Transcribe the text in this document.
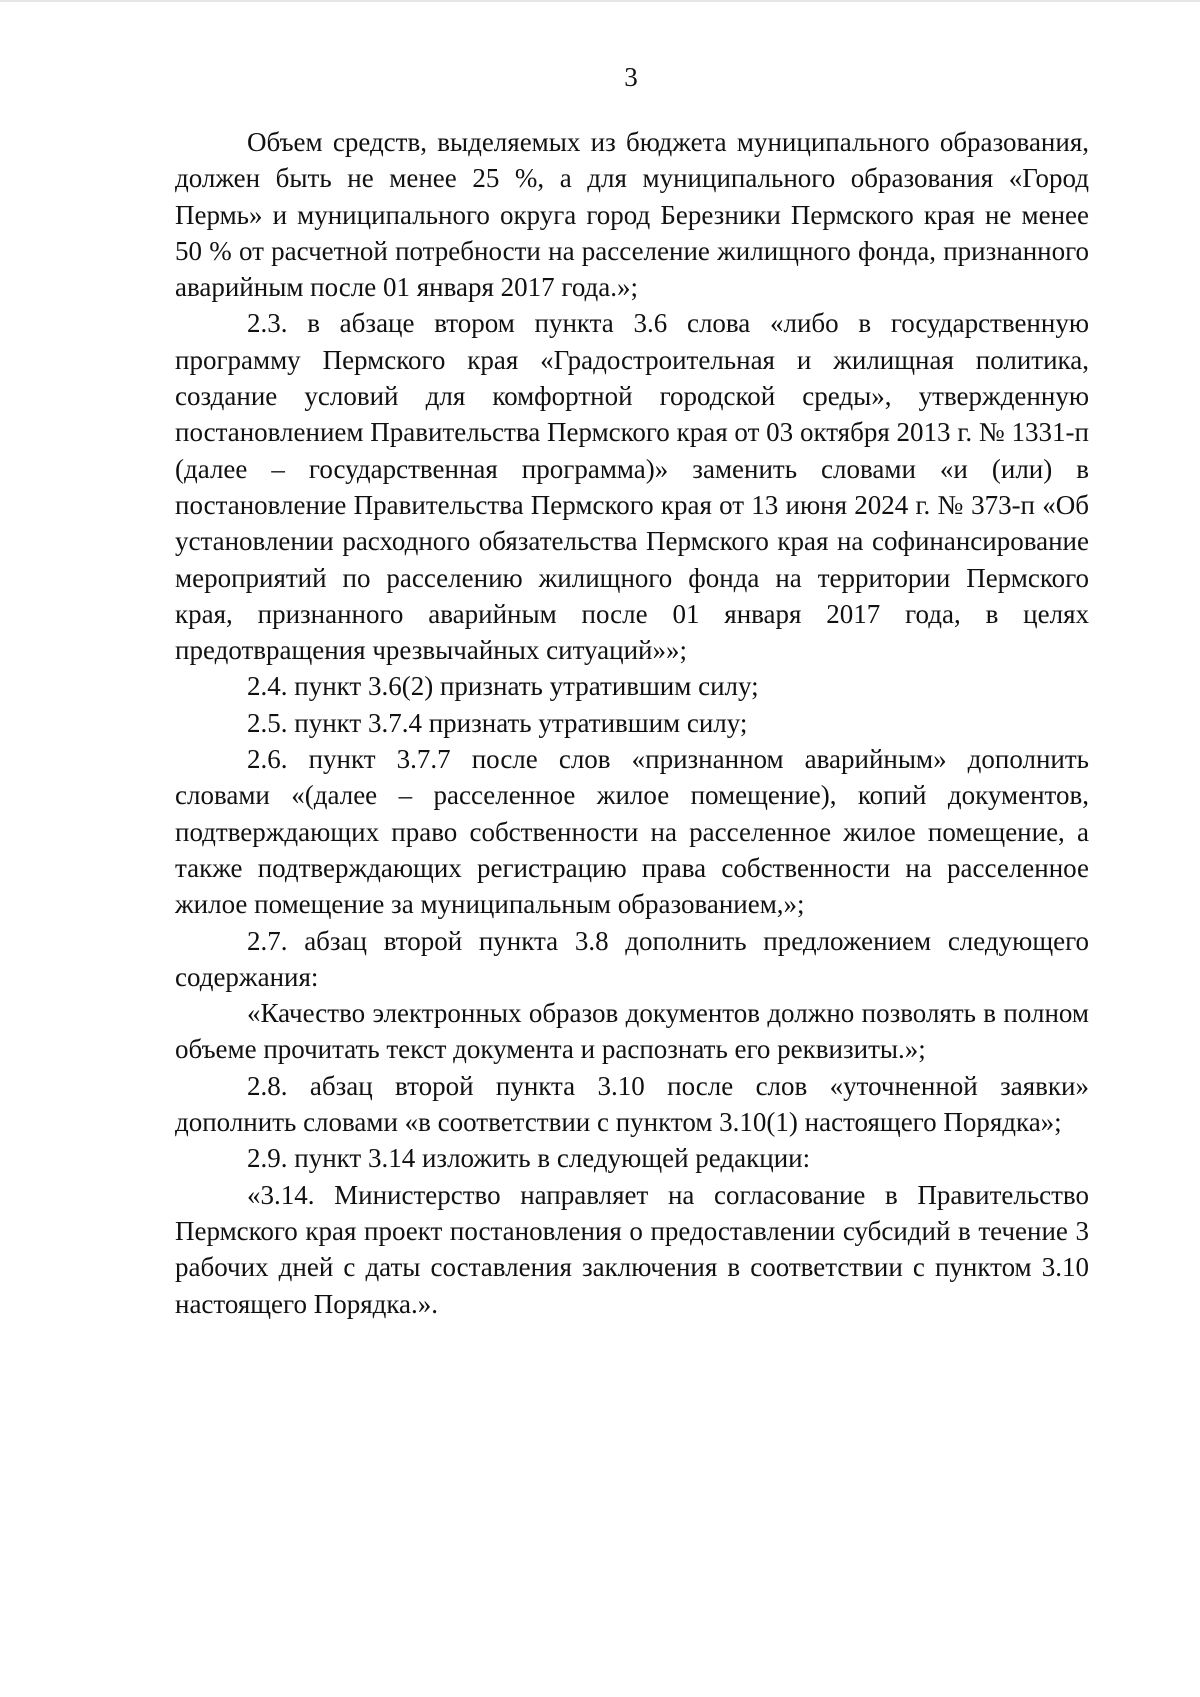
3

Объем средств, выделяемых из бюджета муниципального образования, должен быть не менее 25 %, а для муниципального образования «Город Пермь» и муниципального округа город Березники Пермского края не менее 50 % от расчетной потребности на расселение жилищного фонда, признанного аварийным после 01 января 2017 года.»;

2.3. в абзаце втором пункта 3.6 слова «либо в государственную программу Пермского края «Градостроительная и жилищная политика, создание условий для комфортной городской среды», утвержденную постановлением Правительства Пермского края от 03 октября 2013 г. № 1331-п (далее – государственная программа)» заменить словами «и (или) в постановление Правительства Пермского края от 13 июня 2024 г. № 373-п «Об установлении расходного обязательства Пермского края на софинансирование мероприятий по расселению жилищного фонда на территории Пермского края, признанного аварийным после 01 января 2017 года, в целях предотвращения чрезвычайных ситуаций»»;

2.4. пункт 3.6(2) признать утратившим силу;

2.5. пункт 3.7.4 признать утратившим силу;

2.6. пункт 3.7.7 после слов «признанном аварийным» дополнить словами «(далее – расселенное жилое помещение), копий документов, подтверждающих право собственности на расселенное жилое помещение, а также подтверждающих регистрацию права собственности на расселенное жилое помещение за муниципальным образованием,»;

2.7. абзац второй пункта 3.8 дополнить предложением следующего содержания:

«Качество электронных образов документов должно позволять в полном объеме прочитать текст документа и распознать его реквизиты.»;

2.8. абзац второй пункта 3.10 после слов «уточненной заявки» дополнить словами «в соответствии с пунктом 3.10(1) настоящего Порядка»;

2.9. пункт 3.14 изложить в следующей редакции:

«3.14. Министерство направляет на согласование в Правительство Пермского края проект постановления о предоставлении субсидий в течение 3 рабочих дней с даты составления заключения в соответствии с пунктом 3.10 настоящего Порядка.».
